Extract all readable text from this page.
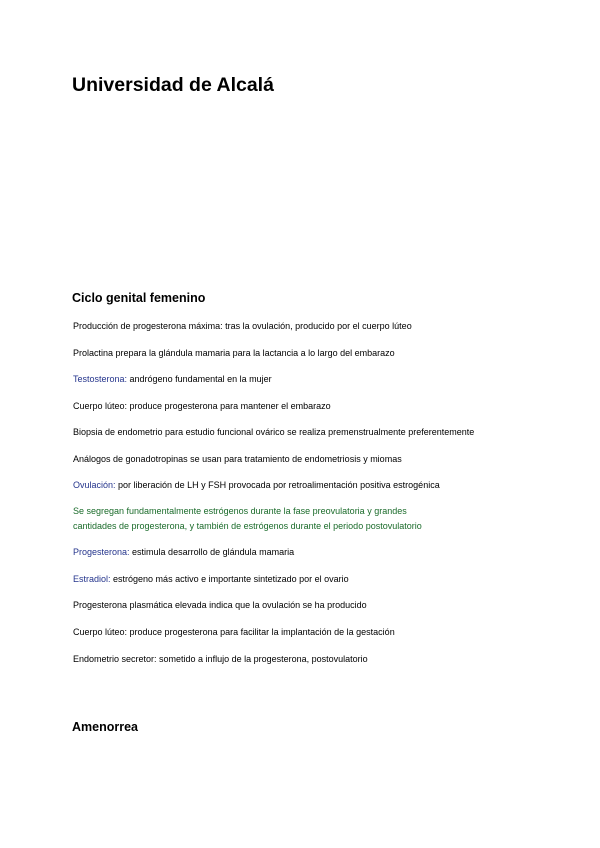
Universidad de Alcalá
Ciclo genital femenino

Producción de progesterona máxima: tras la ovulación, producido por el cuerpo lúteo

Prolactina prepara la glándula mamaria para la lactancia a lo largo del embarazo

Testosterona: andrógeno fundamental en la mujer

Cuerpo lúteo: produce progesterona para mantener el embarazo

Biopsia de endometrio para estudio funcional ovárico se realiza premenstrualmente preferentemente

Análogos de gonadotropinas se usan para tratamiento de endometriosis y miomas

Ovulación: por liberación de LH y FSH provocada por retroalimentación positiva estrogénica

Se segregan fundamentalmente estrógenos durante la fase preovulatoria y grandes
cantidades de progesterona, y también de estrógenos durante el periodo postovulatorio

Progesterona: estimula desarrollo de glándula mamaria

Estradiol: estrógeno más activo e importante sintetizado por el ovario

Progesterona plasmática elevada indica que la ovulación se ha producido

Cuerpo lúteo: produce progesterona para facilitar la implantación de la gestación

Endometrio secretor: sometido a influjo de la progesterona, postovulatorio

Amenorrea
